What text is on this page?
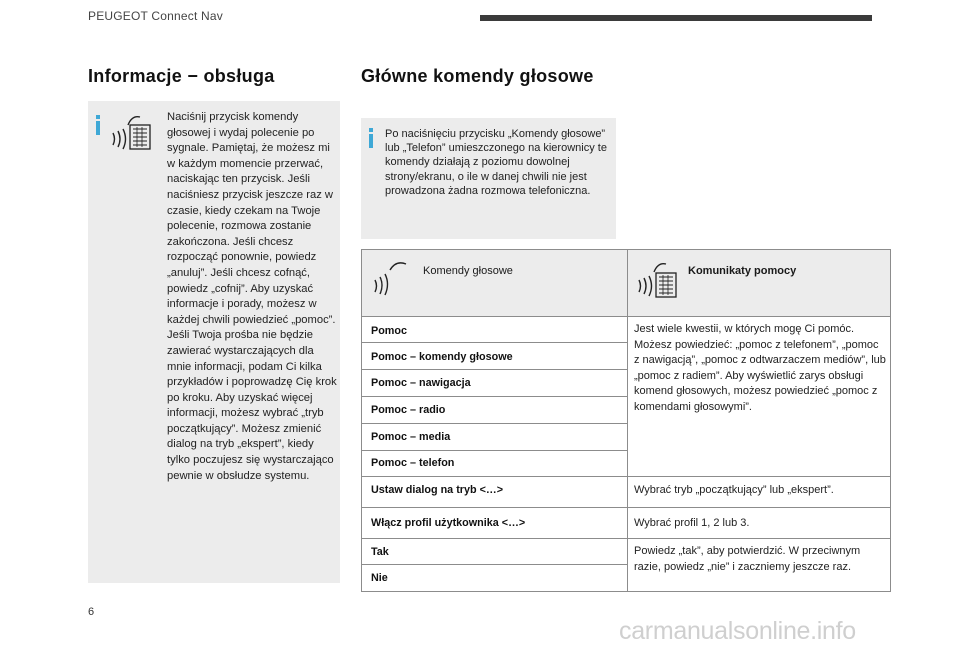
PEUGEOT Connect Nav
Informacje − obsługa	Główne komendy głosowe
Naciśnij przycisk komendy głosowej i wydaj polecenie po sygnale. Pamiętaj, że możesz mi w każdym momencie przerwać, naciskając ten przycisk. Jeśli naciśniesz przycisk jeszcze raz w czasie, kiedy czekam na Twoje polecenie, rozmowa zostanie zakończona. Jeśli chcesz rozpocząć ponownie, powiedz „anuluj”. Jeśli chcesz cofnąć, powiedz „cofnij”. Aby uzyskać informacje i porady, możesz w każdej chwili powiedzieć „pomoc”. Jeśli Twoja prośba nie będzie zawierać wystarczających dla mnie informacji, podam Ci kilka przykładów i poprowadzę Cię krok po kroku. Aby uzyskać więcej informacji, możesz wybrać „tryb początkujący”. Możesz zmienić dialog na tryb „ekspert”, kiedy tylko poczujesz się wystarczająco pewnie w obsłudze systemu.
Po naciśnięciu przycisku „Komendy głosowe” lub „Telefon” umieszczonego na kierownicy te komendy działają z poziomu dowolnej strony/ekranu, o ile w danej chwili nie jest prowadzona żadna rozmowa telefoniczna.
Komendy głosowe	Komunikaty pomocy
Pomoc
Pomoc – komendy głosowe
Pomoc – nawigacja
Pomoc – radio
Pomoc – media
Pomoc – telefon
Ustaw dialog na tryb <…>
Włącz profil użytkownika <…>
Tak
Nie
Jest wiele kwestii, w których mogę Ci pomóc. Możesz powiedzieć: „pomoc z telefonem”, „pomoc z nawigacją”, „pomoc z odtwarzaczem mediów”, lub „pomoc z radiem”. Aby wyświetlić zarys obsługi komend głosowych, możesz powiedzieć „pomoc z komendami głosowymi”.
Wybrać tryb „początkujący” lub „ekspert”.
Wybrać profil 1, 2 lub 3.
Powiedz „tak”, aby potwierdzić. W przeciwnym razie, powiedz „nie” i zaczniemy jeszcze raz.
6
carmanualsonline.info
